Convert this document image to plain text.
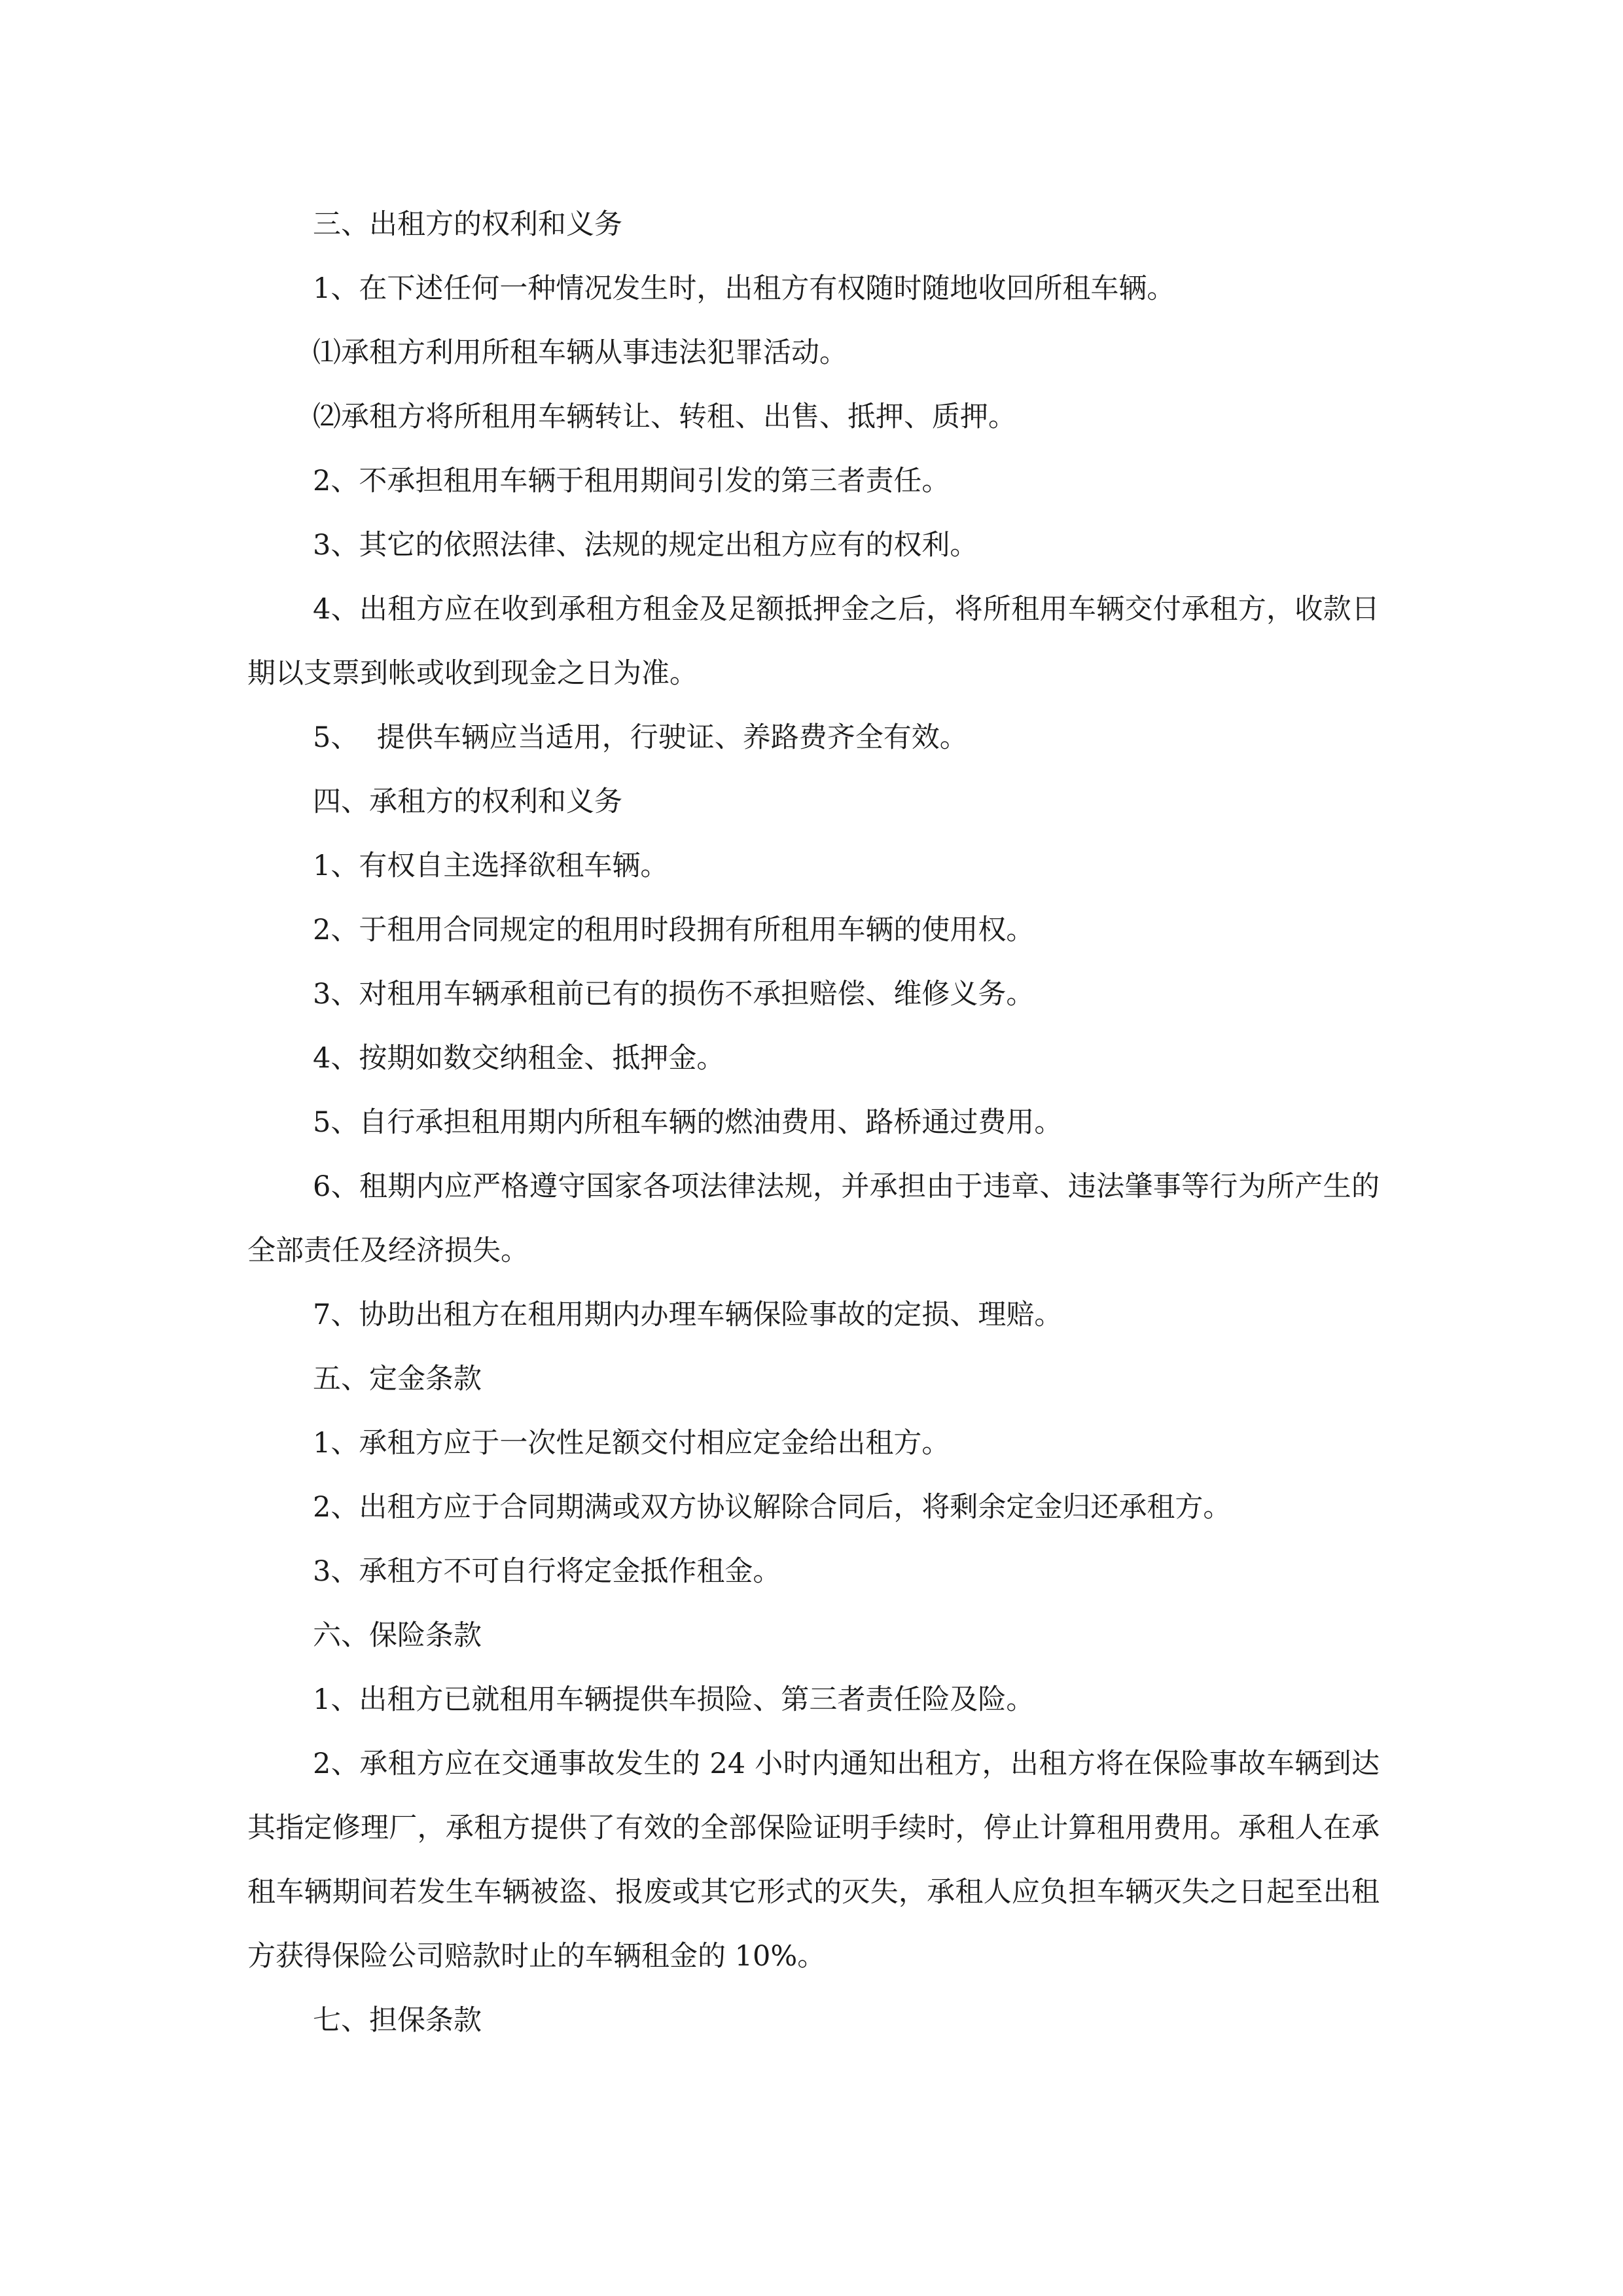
三、出租方的权利和义务

1、在下述任何一种情况发生时，出租方有权随时随地收回所租车辆。

⑴承租方利用所租车辆从事违法犯罪活动。

⑵承租方将所租用车辆转让、转租、出售、抵押、质押。

2、不承担租用车辆于租用期间引发的第三者责任。

3、其它的依照法律、法规的规定出租方应有的权利。

4、出租方应在收到承租方租金及足额抵押金之后，将所租用车辆交付承租方，收款日期以支票到帐或收到现金之日为准。

5、  提供车辆应当适用，行驶证、养路费齐全有效。

四、承租方的权利和义务

1、有权自主选择欲租车辆。

2、于租用合同规定的租用时段拥有所租用车辆的使用权。

3、对租用车辆承租前已有的损伤不承担赔偿、维修义务。

4、按期如数交纳租金、抵押金。

5、自行承担租用期内所租车辆的燃油费用、路桥通过费用。

6、租期内应严格遵守国家各项法律法规，并承担由于违章、违法肇事等行为所产生的全部责任及经济损失。

7、协助出租方在租用期内办理车辆保险事故的定损、理赔。

五、定金条款

1、承租方应于一次性足额交付相应定金给出租方。

2、出租方应于合同期满或双方协议解除合同后，将剩余定金归还承租方。

3、承租方不可自行将定金抵作租金。

六、保险条款

1、出租方已就租用车辆提供车损险、第三者责任险及险。

2、承租方应在交通事故发生的 24 小时内通知出租方，出租方将在保险事故车辆到达其指定修理厂，承租方提供了有效的全部保险证明手续时，停止计算租用费用。承租人在承租车辆期间若发生车辆被盗、报废或其它形式的灭失，承租人应负担车辆灭失之日起至出租方获得保险公司赔款时止的车辆租金的 10%。

七、担保条款
